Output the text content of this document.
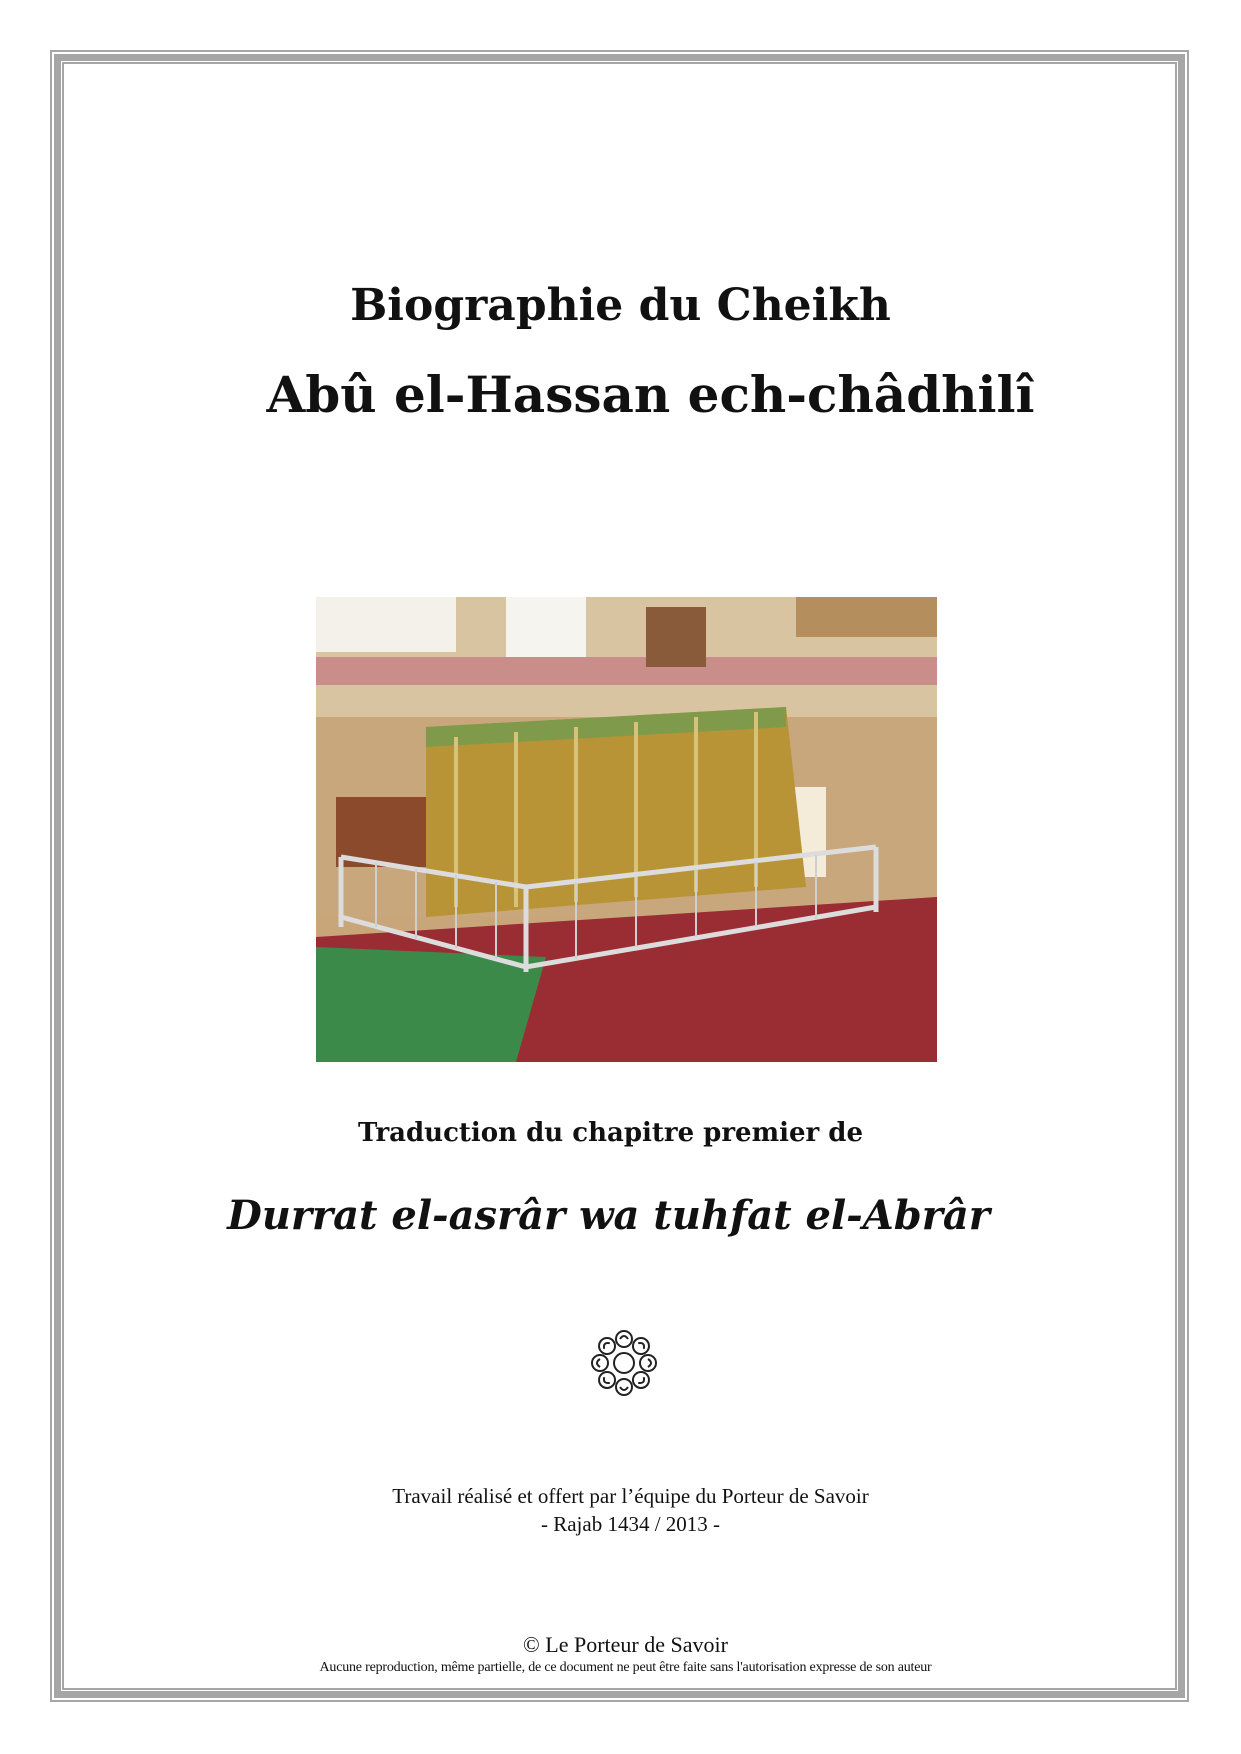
Biographie du Cheikh
Abû el-Hassan ech-châdhilî
Traduction du chapitre premier de
Durrat el-asrâr wa tuhfat el-Abrâr
Travail réalisé et offert par l’équipe du Porteur de Savoir
- Rajab 1434 / 2013 -
© Le Porteur de Savoir
Aucune reproduction, même partielle, de ce document ne peut être faite sans l'autorisation expresse de son auteur
